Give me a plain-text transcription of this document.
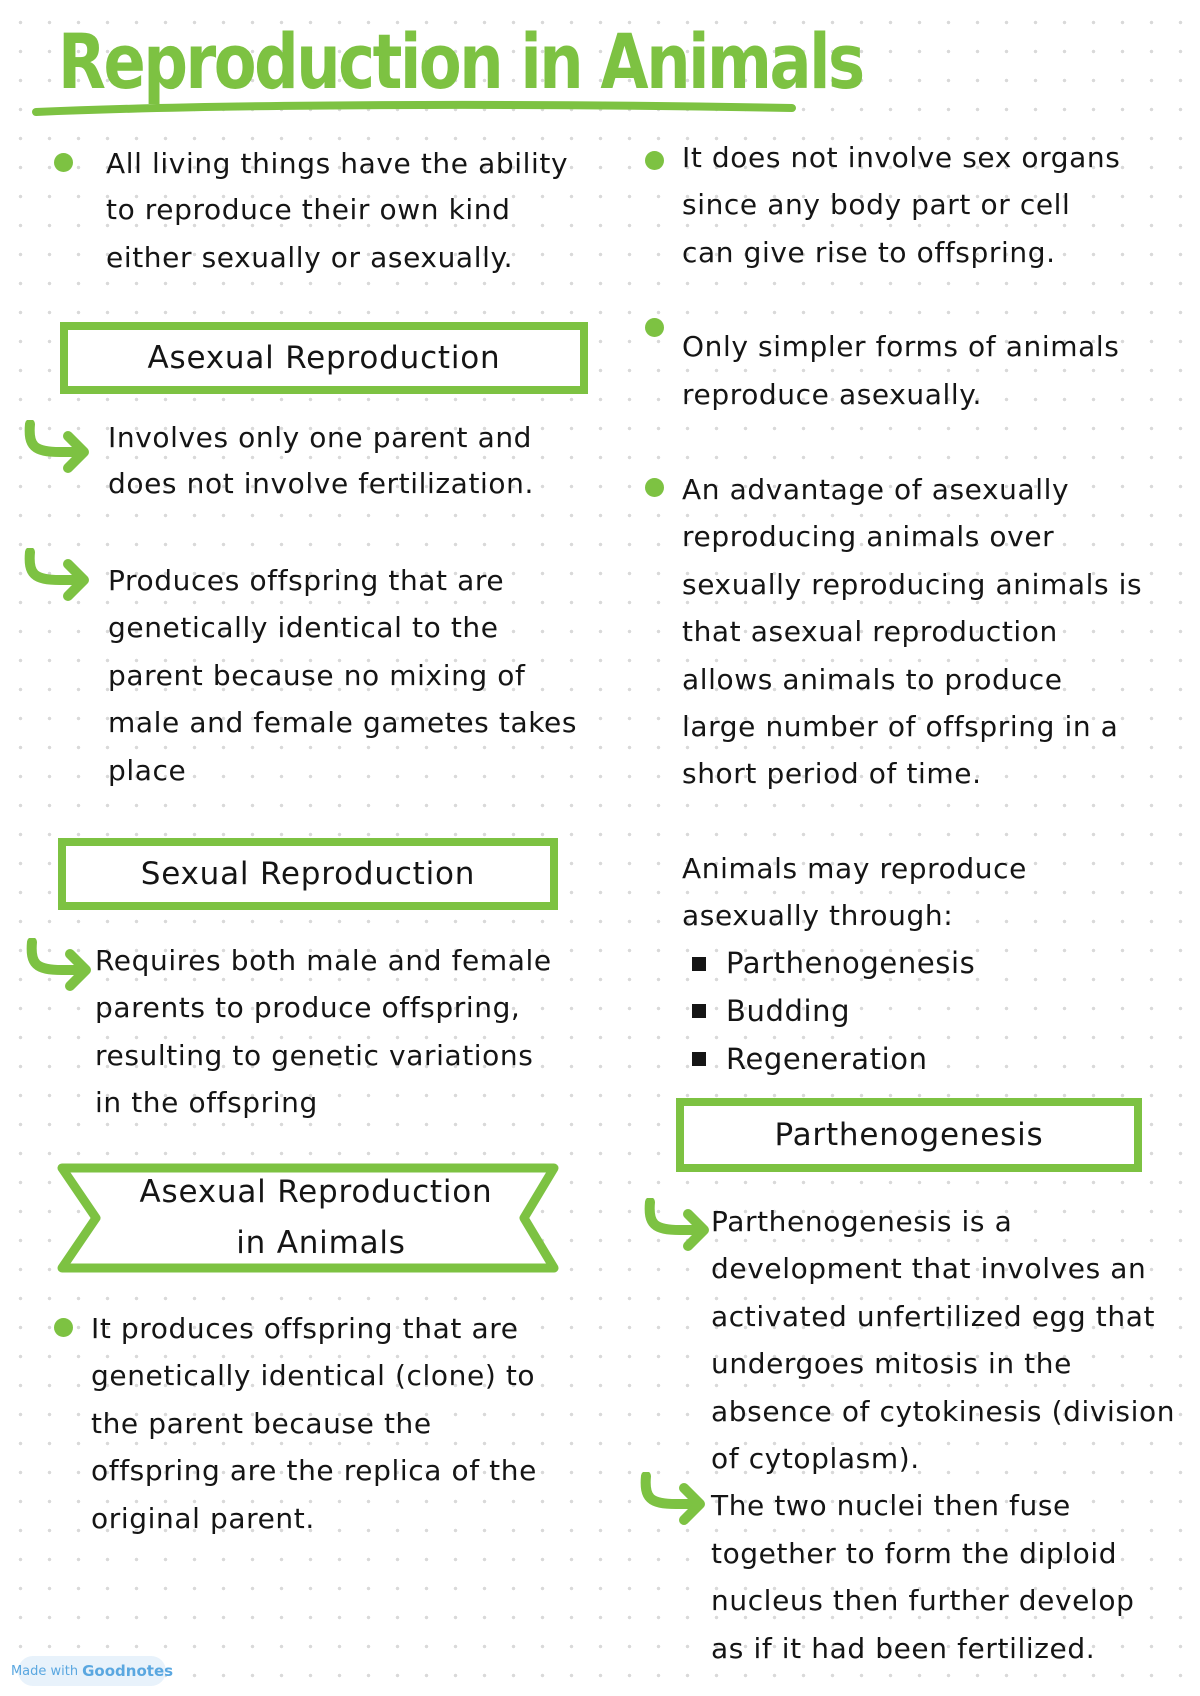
Reproduction in Animals

All living things have the ability

to reproduce their own kind

either sexually or asexually.

Asexual Reproduction

Involves only one parent and

does not involve fertilization.

Produces offspring that are

genetically identical to the

parent because no mixing of

male and female gametes takes

place

Sexual Reproduction

Requires both male and female

parents to produce offspring,

resulting to genetic variations

in the offspring

Asexual Reproduction

in Animals

It produces offspring that are

genetically identical (clone) to

the parent because the

offspring are the replica of the

original parent.

It does not involve sex organs

since any body part or cell

can give rise to offspring.

Only simpler forms of animals

reproduce asexually.

An advantage of asexually

reproducing animals over

sexually reproducing animals is

that asexual reproduction

allows animals to produce

large number of offspring in a

short period of time.

Animals may reproduce

asexually through:

Parthenogenesis

Budding

Regeneration

Parthenogenesis

Parthenogenesis is a

development that involves an

activated unfertilized egg that

undergoes mitosis in the

absence of cytokinesis (division

of cytoplasm).

The two nuclei then fuse

together to form the diploid

nucleus then further develop

as if it had been fertilized.

Made with Goodnotes
